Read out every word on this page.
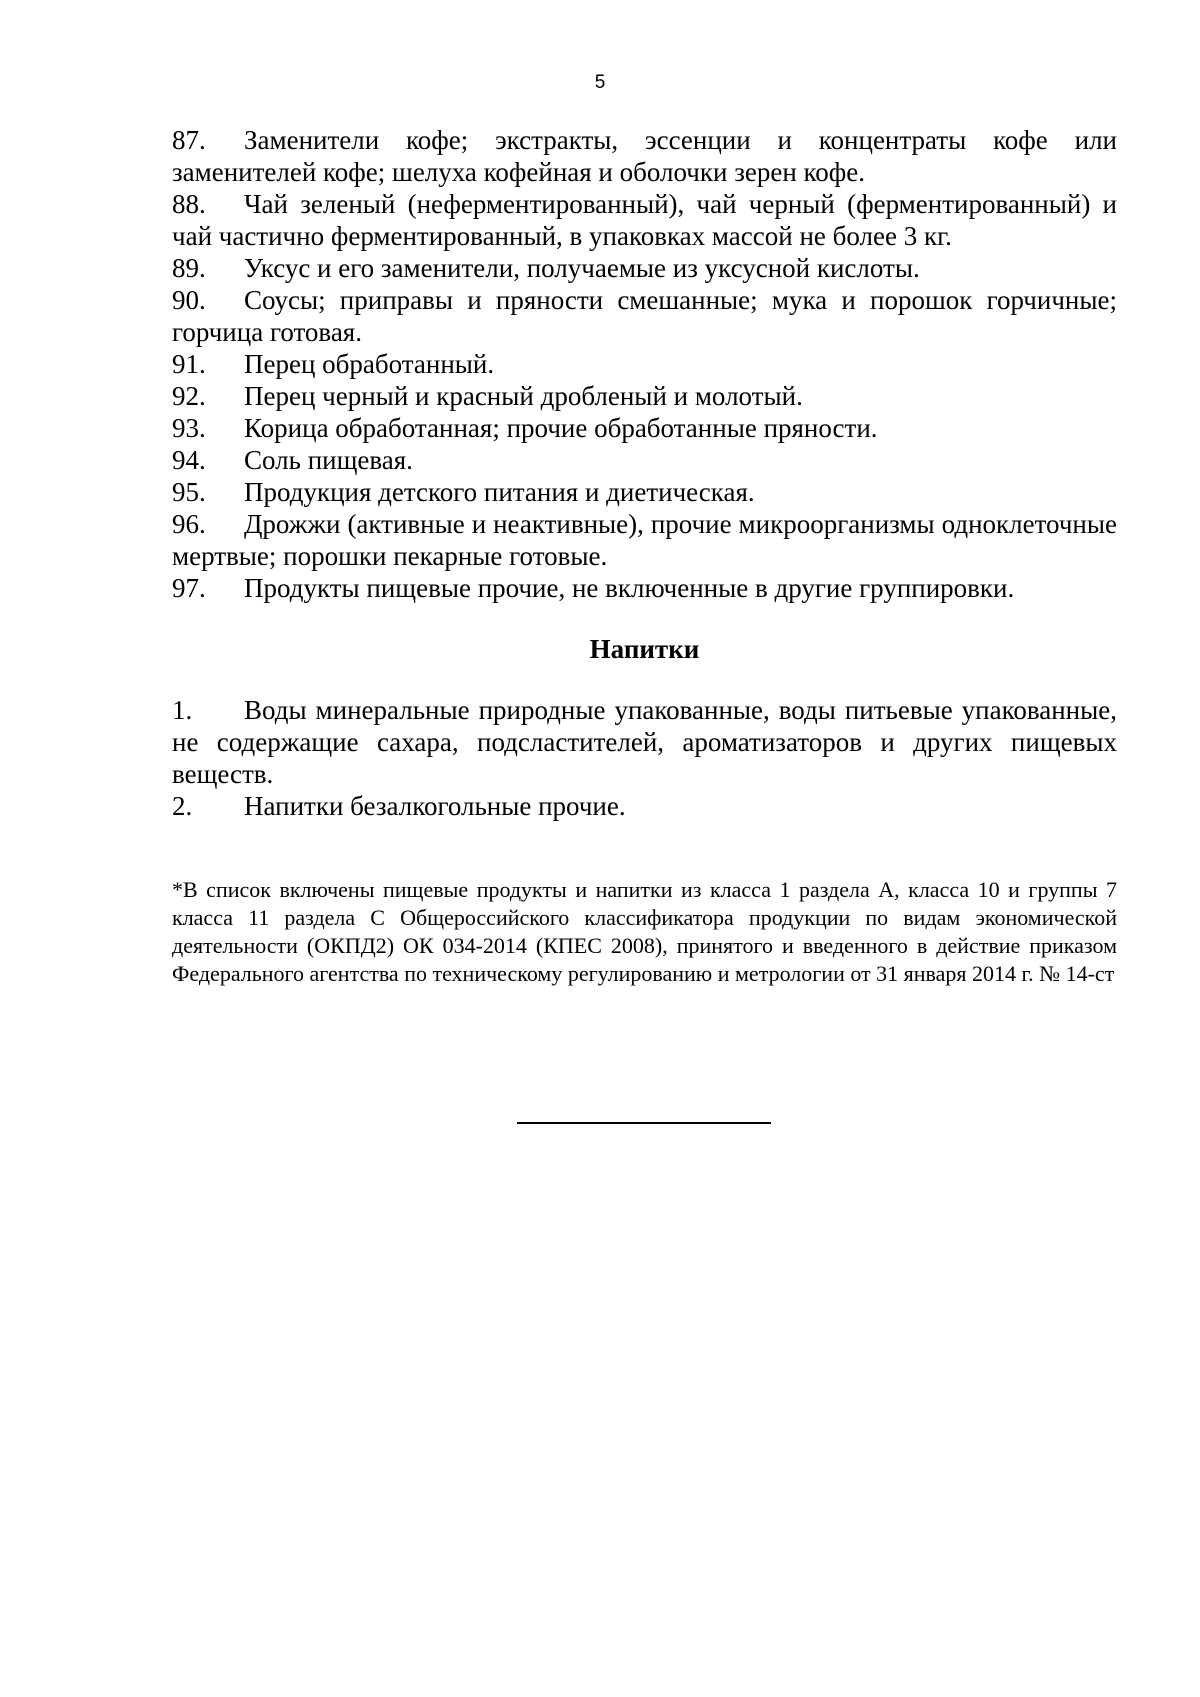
5

87. Заменители кофе; экстракты, эссенции и концентраты кофе или заменителей кофе; шелуха кофейная и оболочки зерен кофе.

88. Чай зеленый (неферментированный), чай черный (ферментированный) и чай частично ферментированный, в упаковках массой не более 3 кг.

89. Уксус и его заменители, получаемые из уксусной кислоты.

90. Соусы; приправы и пряности смешанные; мука и порошок горчичные; горчица готовая.

91. Перец обработанный.

92. Перец черный и красный дробленый и молотый.

93. Корица обработанная; прочие обработанные пряности.

94. Соль пищевая.

95. Продукция детского питания и диетическая.

96. Дрожжи (активные и неактивные), прочие микроорганизмы одноклеточные мертвые; порошки пекарные готовые.

97. Продукты пищевые прочие, не включенные в другие группировки.

Напитки

1. Воды минеральные природные упакованные, воды питьевые упакованные, не содержащие сахара, подсластителей, ароматизаторов и других пищевых веществ.

2. Напитки безалкогольные прочие.

*В список включены пищевые продукты и напитки из класса 1 раздела А, класса 10 и группы 7 класса 11 раздела С Общероссийского классификатора продукции по видам экономической деятельности (ОКПД2) ОК 034-2014 (КПЕС 2008), принятого и введенного в действие приказом Федерального агентства по техническому регулированию и метрологии от 31 января 2014 г. № 14-ст
